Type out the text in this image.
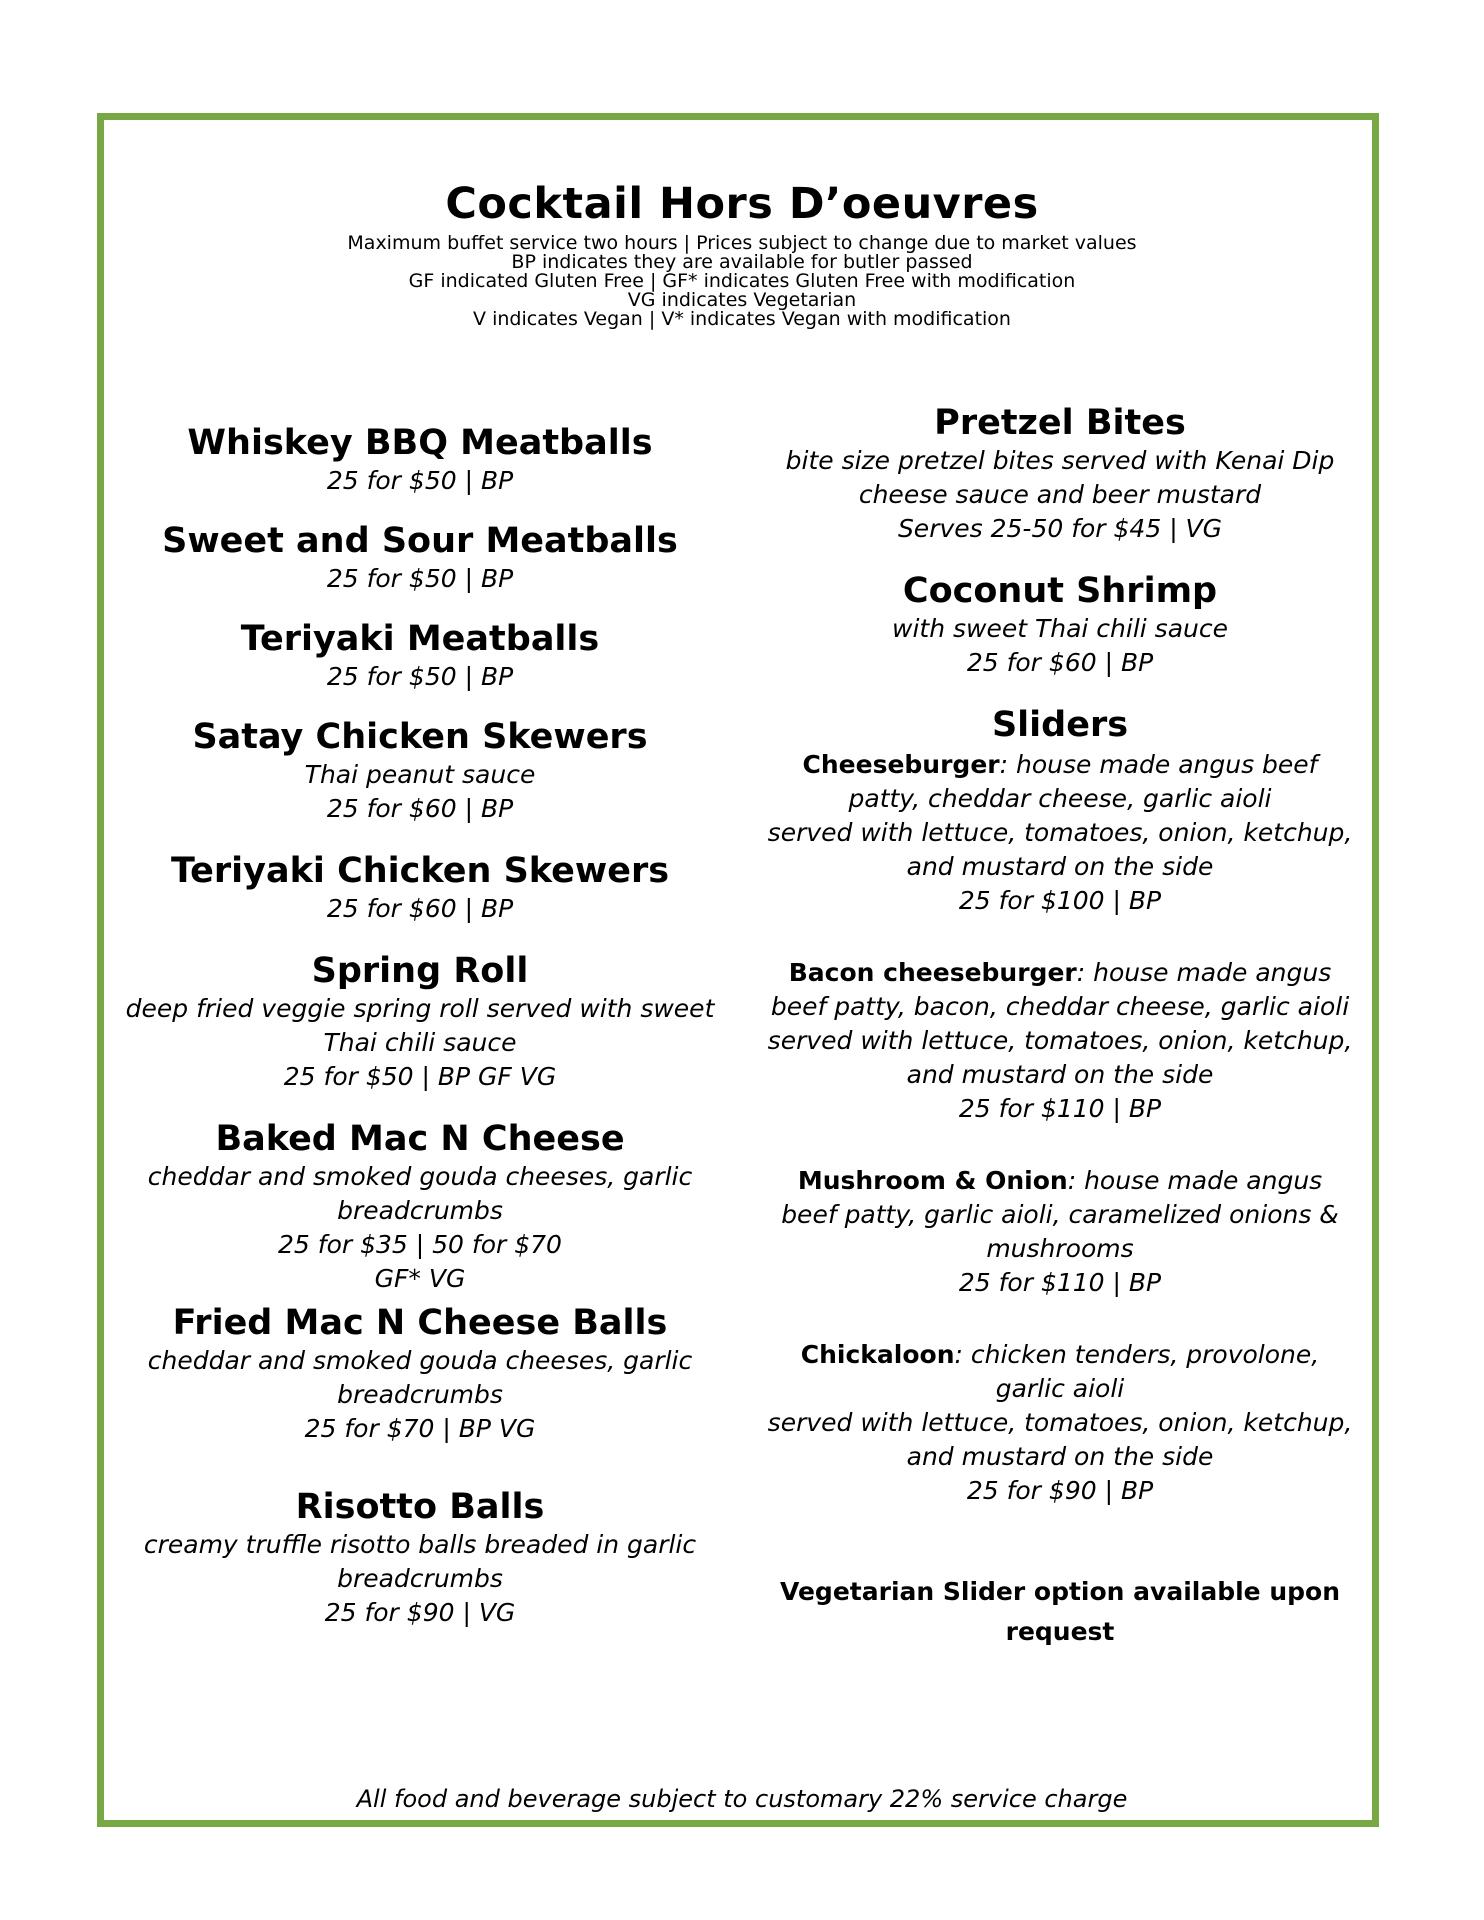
Cocktail Hors D’oeuvres

Maximum buffet service two hours | Prices subject to change due to market values

BP indicates they are available for butler passed

GF indicated Gluten Free | GF* indicates Gluten Free with modification

VG indicates Vegetarian

V indicates Vegan | V* indicates Vegan with modification

Whiskey BBQ Meatballs

25 for $50 | BP

Sweet and Sour Meatballs

25 for $50 | BP

Teriyaki Meatballs

25 for $50 | BP

Satay Chicken Skewers

Thai peanut sauce

25 for $60 | BP

Teriyaki Chicken Skewers

25 for $60 | BP

Spring Roll

deep fried veggie spring roll served with sweet

Thai chili sauce

25 for $50 | BP GF VG

Baked Mac N Cheese

cheddar and smoked gouda cheeses, garlic

breadcrumbs

25 for $35 | 50 for $70

GF* VG

Fried Mac N Cheese Balls

cheddar and smoked gouda cheeses, garlic

breadcrumbs

25 for $70 | BP VG

Risotto Balls

creamy truffle risotto balls breaded in garlic

breadcrumbs

25 for $90 | VG

Pretzel Bites

bite size pretzel bites served with Kenai Dip

cheese sauce and beer mustard

Serves 25-50 for $45 | VG

Coconut Shrimp

with sweet Thai chili sauce

25 for $60 | BP

Sliders

Cheeseburger: house made angus beef

patty, cheddar cheese, garlic aioli

served with lettuce, tomatoes, onion, ketchup,

and mustard on the side

25 for $100 | BP

Bacon cheeseburger: house made angus

beef patty, bacon, cheddar cheese, garlic aioli

served with lettuce, tomatoes, onion, ketchup,

and mustard on the side

25 for $110 | BP

Mushroom & Onion: house made angus

beef patty, garlic aioli, caramelized onions &

mushrooms

25 for $110 | BP

Chickaloon: chicken tenders, provolone,

garlic aioli

served with lettuce, tomatoes, onion, ketchup,

and mustard on the side

25 for $90 | BP

Vegetarian Slider option available upon request

All food and beverage subject to customary 22% service charge
